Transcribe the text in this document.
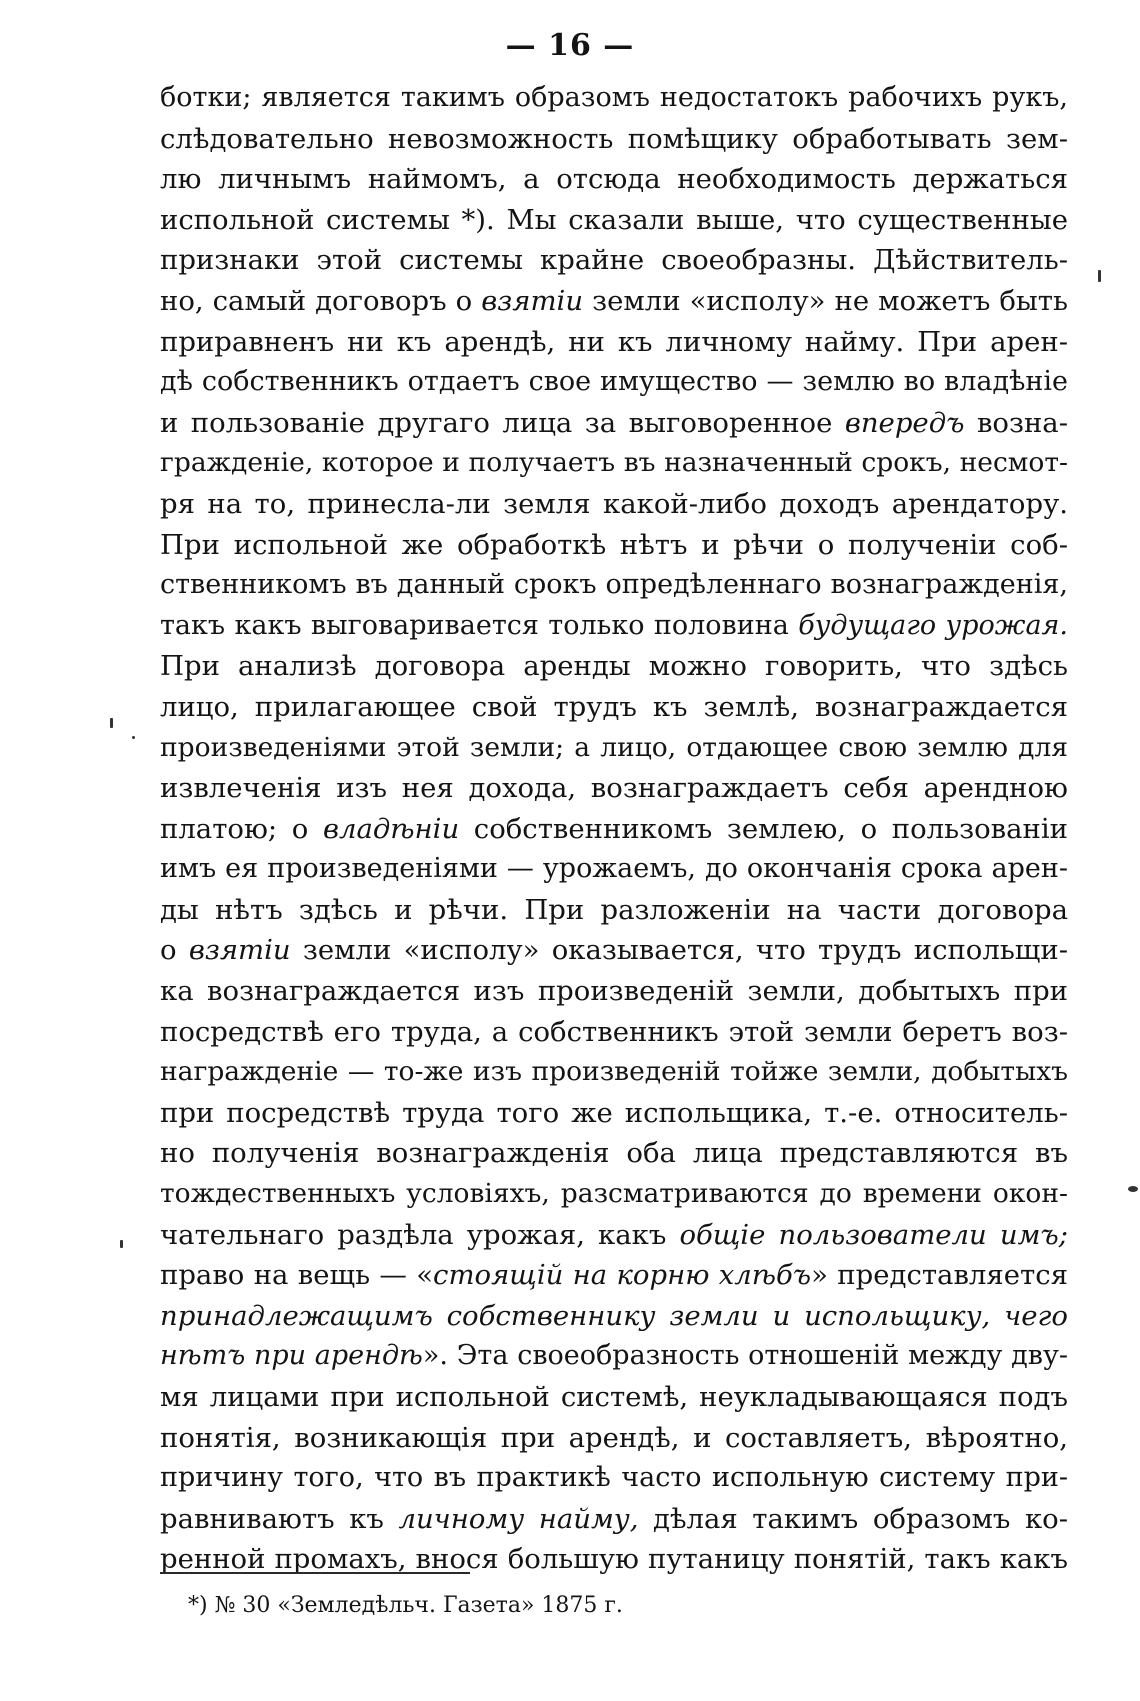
— 16 —
ботки; является такимъ образомъ недостатокъ рабочихъ рукъ,
слѣдовательно невозможность помѣщику обработывать зем-
лю личнымъ наймомъ, а отсюда необходимость держаться
испольной системы *). Мы сказали выше, что существенные
признаки этой системы крайне своеобразны. Дѣйствитель-
но, самый договоръ о взятіи земли «исполу» не можетъ быть
приравненъ ни къ арендѣ, ни къ личному найму. При арен-
дѣ собственникъ отдаетъ свое имущество — землю во владѣніе
и пользованіе другаго лица за выговоренное впередъ возна-
гражденіе, которое и получаетъ въ назначенный срокъ, несмот-
ря на то, принесла-ли земля какой-либо доходъ арендатору.
При испольной же обработкѣ нѣтъ и рѣчи о полученіи соб-
ственникомъ въ данный срокъ опредѣленнаго вознагражденія,
такъ какъ выговаривается только половина будущаго урожая.
При анализѣ договора аренды можно говорить, что здѣсь
лицо, прилагающее свой трудъ къ землѣ, вознаграждается
произведеніями этой земли; а лицо, отдающее свою землю для
извлеченія изъ нея дохода, вознаграждаетъ себя арендною
платою; о владѣніи собственникомъ землею, о пользованіи
имъ ея произведеніями — урожаемъ, до окончанія срока арен-
ды нѣтъ здѣсь и рѣчи. При разложеніи на части договора
о взятіи земли «исполу» оказывается, что трудъ испольщи-
ка вознаграждается изъ произведеній земли, добытыхъ при
посредствѣ его труда, а собственникъ этой земли беретъ воз-
награжденіе — то-же изъ произведеній тойже земли, добытыхъ
при посредствѣ труда того же испольщика, т.-е. относитель-
но полученія вознагражденія оба лица представляются въ
тождественныхъ условіяхъ, разсматриваются до времени окон-
чательнаго раздѣла урожая, какъ общіе пользователи имъ;
право на вещь — «стоящій на корню хлѣбъ» представляется
принадлежащимъ собственнику земли и испольщику, чего
нѣтъ при арендѣ». Эта своеобразность отношеній между дву-
мя лицами при испольной системѣ, неукладывающаяся подъ
понятія, возникающія при арендѣ, и составляетъ, вѣроятно,
причину того, что въ практикѣ часто испольную систему при-
равниваютъ къ личному найму, дѣлая такимъ образомъ ко-
ренной промахъ, внося большую путаницу понятій, такъ какъ
*) № 30 «Земледѣльч. Газета» 1875 г.
